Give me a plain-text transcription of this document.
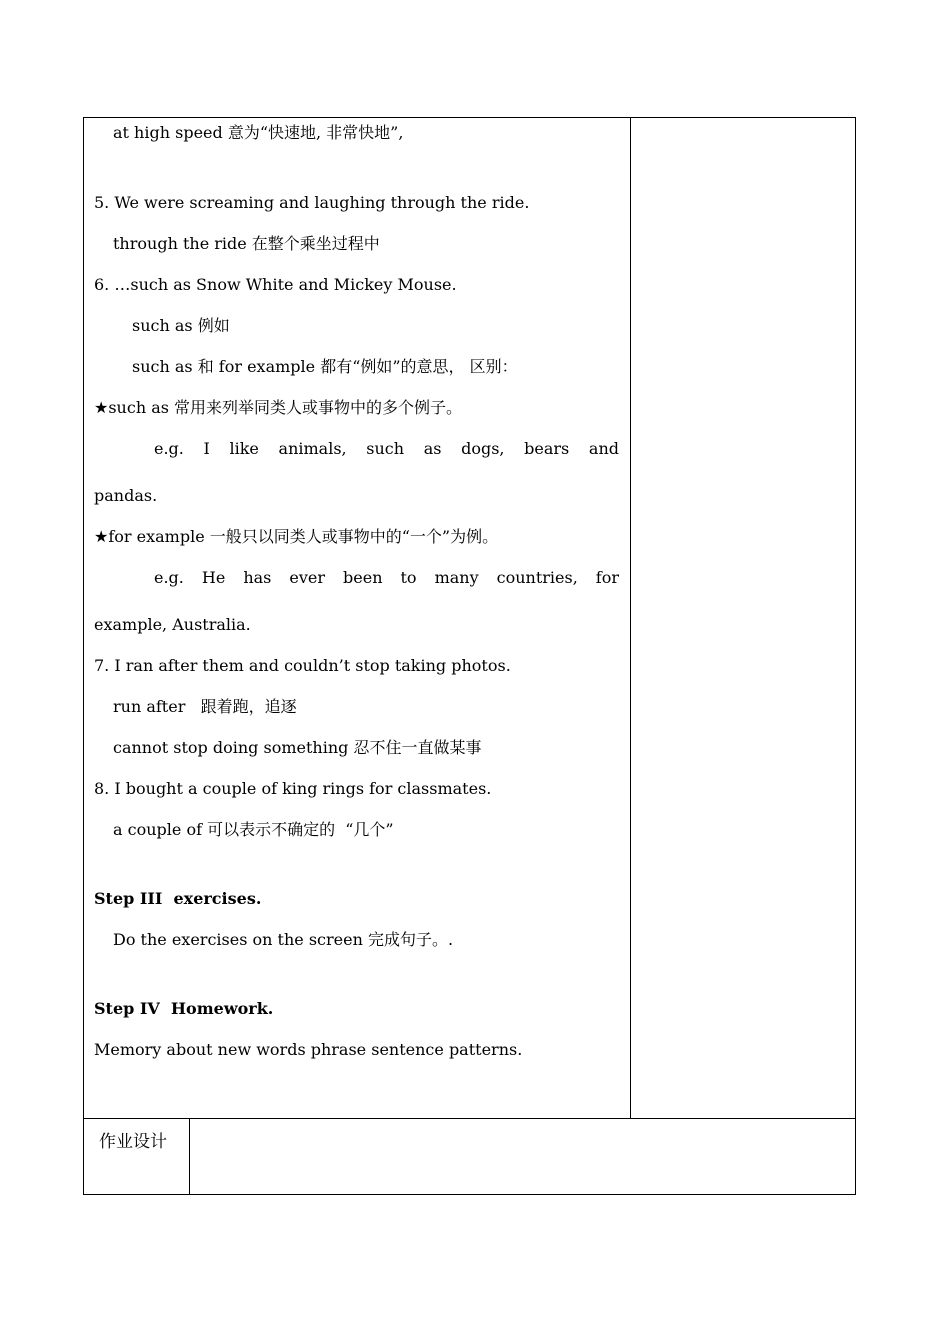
at high speed 意为“快速地, 非常快地”,
5. We were screaming and laughing through the ride.
through the ride 在整个乘坐过程中
6. …such as Snow White and Mickey Mouse.
such as 例如
such as 和 for example 都有“例如”的意思， 区别：
★such as 常用来列举同类人或事物中的多个例子。
e.g. I like animals, such as dogs, bears and
pandas.
★for example 一般只以同类人或事物中的“一个”为例。
e.g. He has ever been to many countries, for
example, Australia.
7. I ran after them and couldn’t stop taking photos.
run after   跟着跑，追逐
cannot stop doing something 忍不住一直做某事
8. I bought a couple of king rings for classmates.
a couple of 可以表示不确定的  “几个”
Step III  exercises.
Do the exercises on the screen 完成句子。.
Step IV  Homework.
Memory about new words phrase sentence patterns.
作业设计
